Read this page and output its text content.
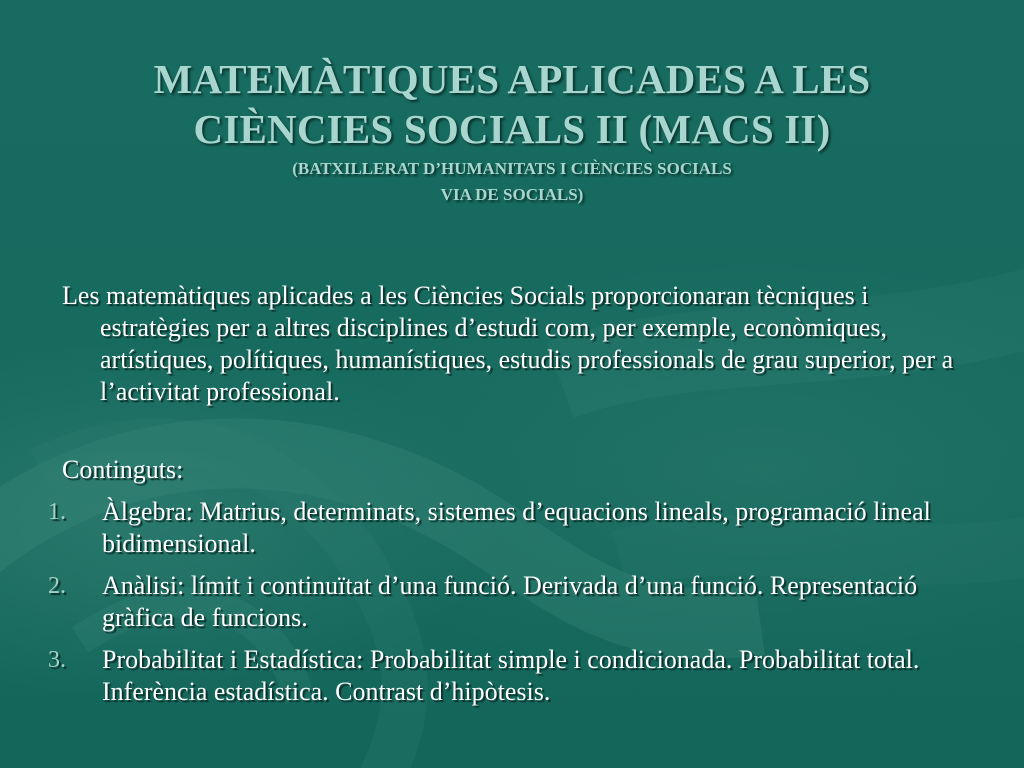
MATEMÀTIQUES APLICADES A LES
CIÈNCIES SOCIALS II (MACS II)
(BATXILLERAT D’HUMANITATS I CIÈNCIES SOCIALS
VIA DE SOCIALS)

Les matemàtiques aplicades a les Ciències Socials proporcionaran tècniques i estratègies per a altres disciplines d’estudi com, per exemple, econòmiques, artístiques, polítiques, humanístiques, estudis professionals de grau superior, per a l’activitat professional.

Continguts:

1.	Àlgebra: Matrius, determinats, sistemes d’equacions lineals, programació lineal bidimensional.
2.	Anàlisi: límit i continuïtat d’una funció. Derivada d’una funció. Representació gràfica de funcions.
3.	Probabilitat i Estadística: Probabilitat simple i condicionada. Probabilitat total. Inferència estadística. Contrast d’hipòtesis.
